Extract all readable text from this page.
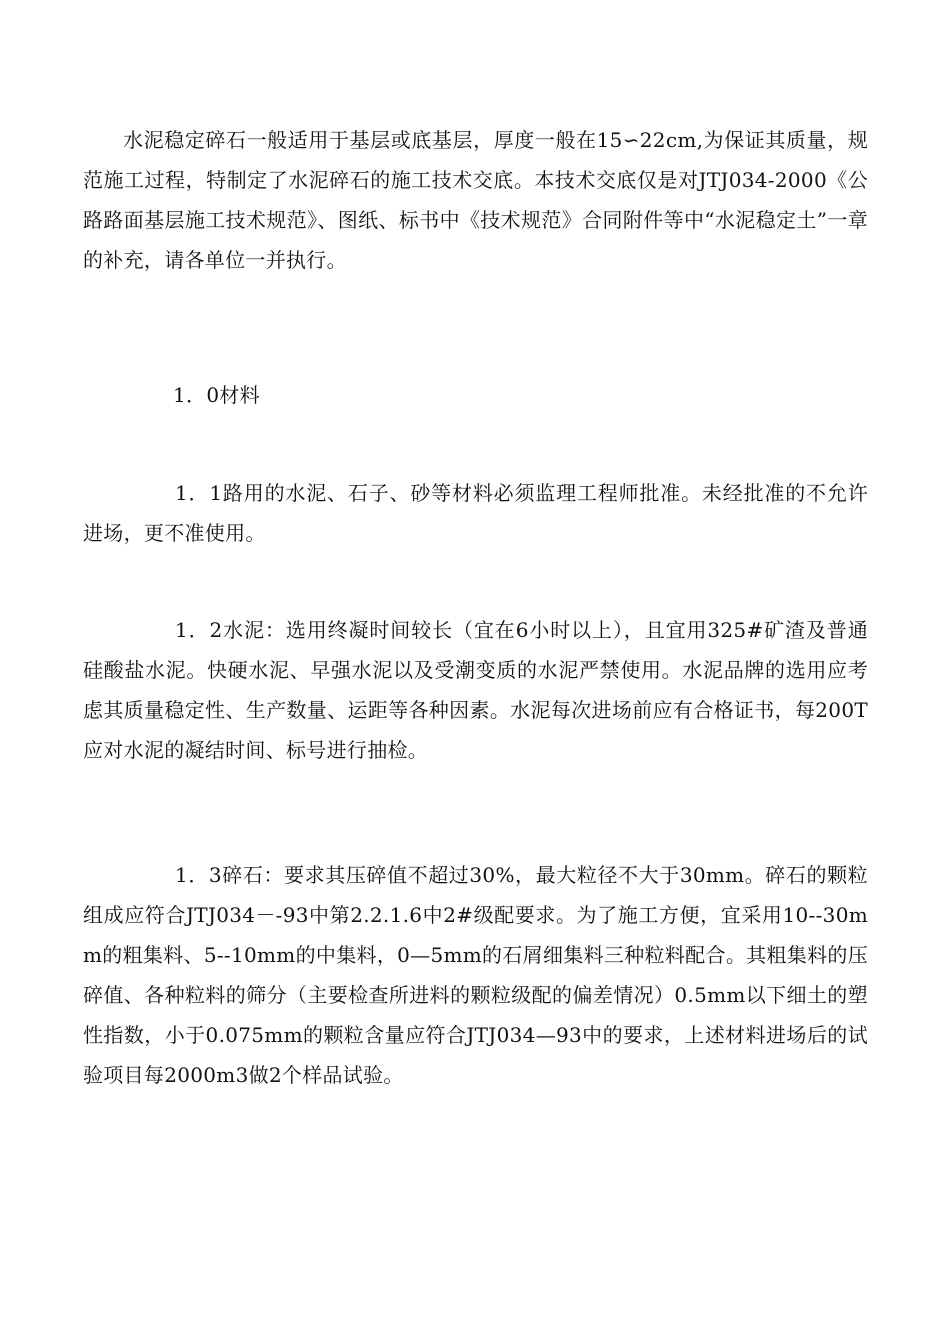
水泥稳定碎石一般适用于基层或底基层，厚度一般在15∽22cm,为保证其质量，规范施工过程，特制定了水泥碎石的施工技术交底。本技术交底仅是对JTJ034-2000《公路路面基层施工技术规范》、图纸、标书中《技术规范》合同附件等中“水泥稳定土”一章的补充，请各单位一并执行。

1．0材料

1．1路用的水泥、石子、砂等材料必须监理工程师批准。未经批准的不允许进场，更不准使用。

1．2水泥：选用终凝时间较长（宜在6小时以上），且宜用325#矿渣及普通硅酸盐水泥。快硬水泥、早强水泥以及受潮变质的水泥严禁使用。水泥品牌的选用应考虑其质量稳定性、生产数量、运距等各种因素。水泥每次进场前应有合格证书，每200T应对水泥的凝结时间、标号进行抽检。

1．3碎石：要求其压碎值不超过30%，最大粒径不大于30mm。碎石的颗粒组成应符合JTJ034－-93中第2.2.1.6中2#级配要求。为了施工方便，宜采用10--30mm的粗集料、5--10mm的中集料，0—5mm的石屑细集料三种粒料配合。其粗集料的压碎值、各种粒料的筛分（主要检查所进料的颗粒级配的偏差情况）0.5mm以下细土的塑性指数，小于0.075mm的颗粒含量应符合JTJ034—93中的要求，上述材料进场后的试验项目每2000m3做2个样品试验。
